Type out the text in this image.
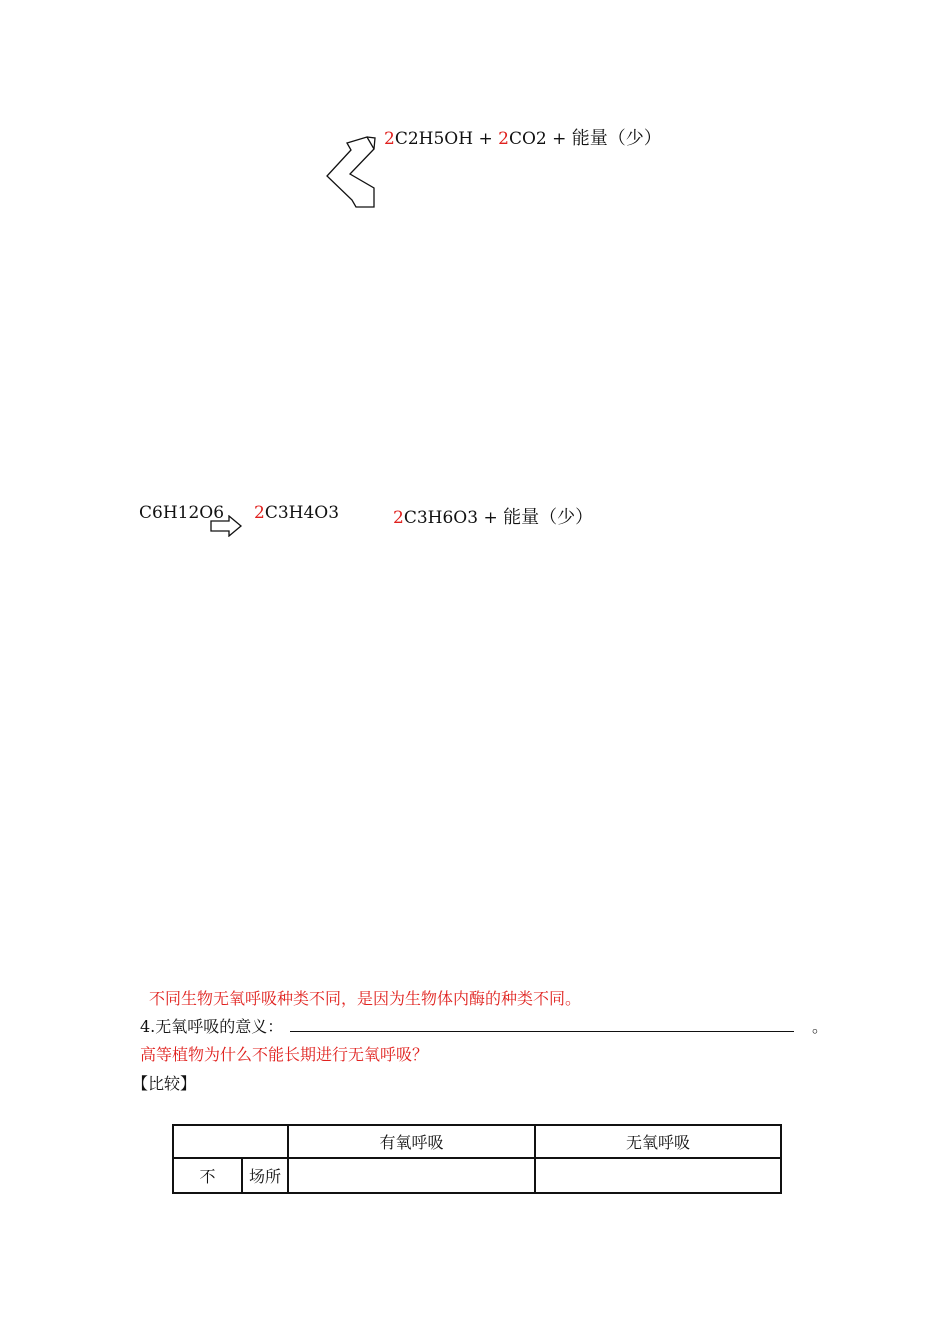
2C2H5OH + 2CO2 + 能量（少）
C6H12O6 2C3H4O3	2C3H6O3 + 能量（少）
不同生物无氧呼吸种类不同，是因为生物体内酶的种类不同。
4.无氧呼吸的意义：	。
高等植物为什么不能长期进行无氧呼吸？
【比较】
		有氧呼吸	无氧呼吸
不	场所		
